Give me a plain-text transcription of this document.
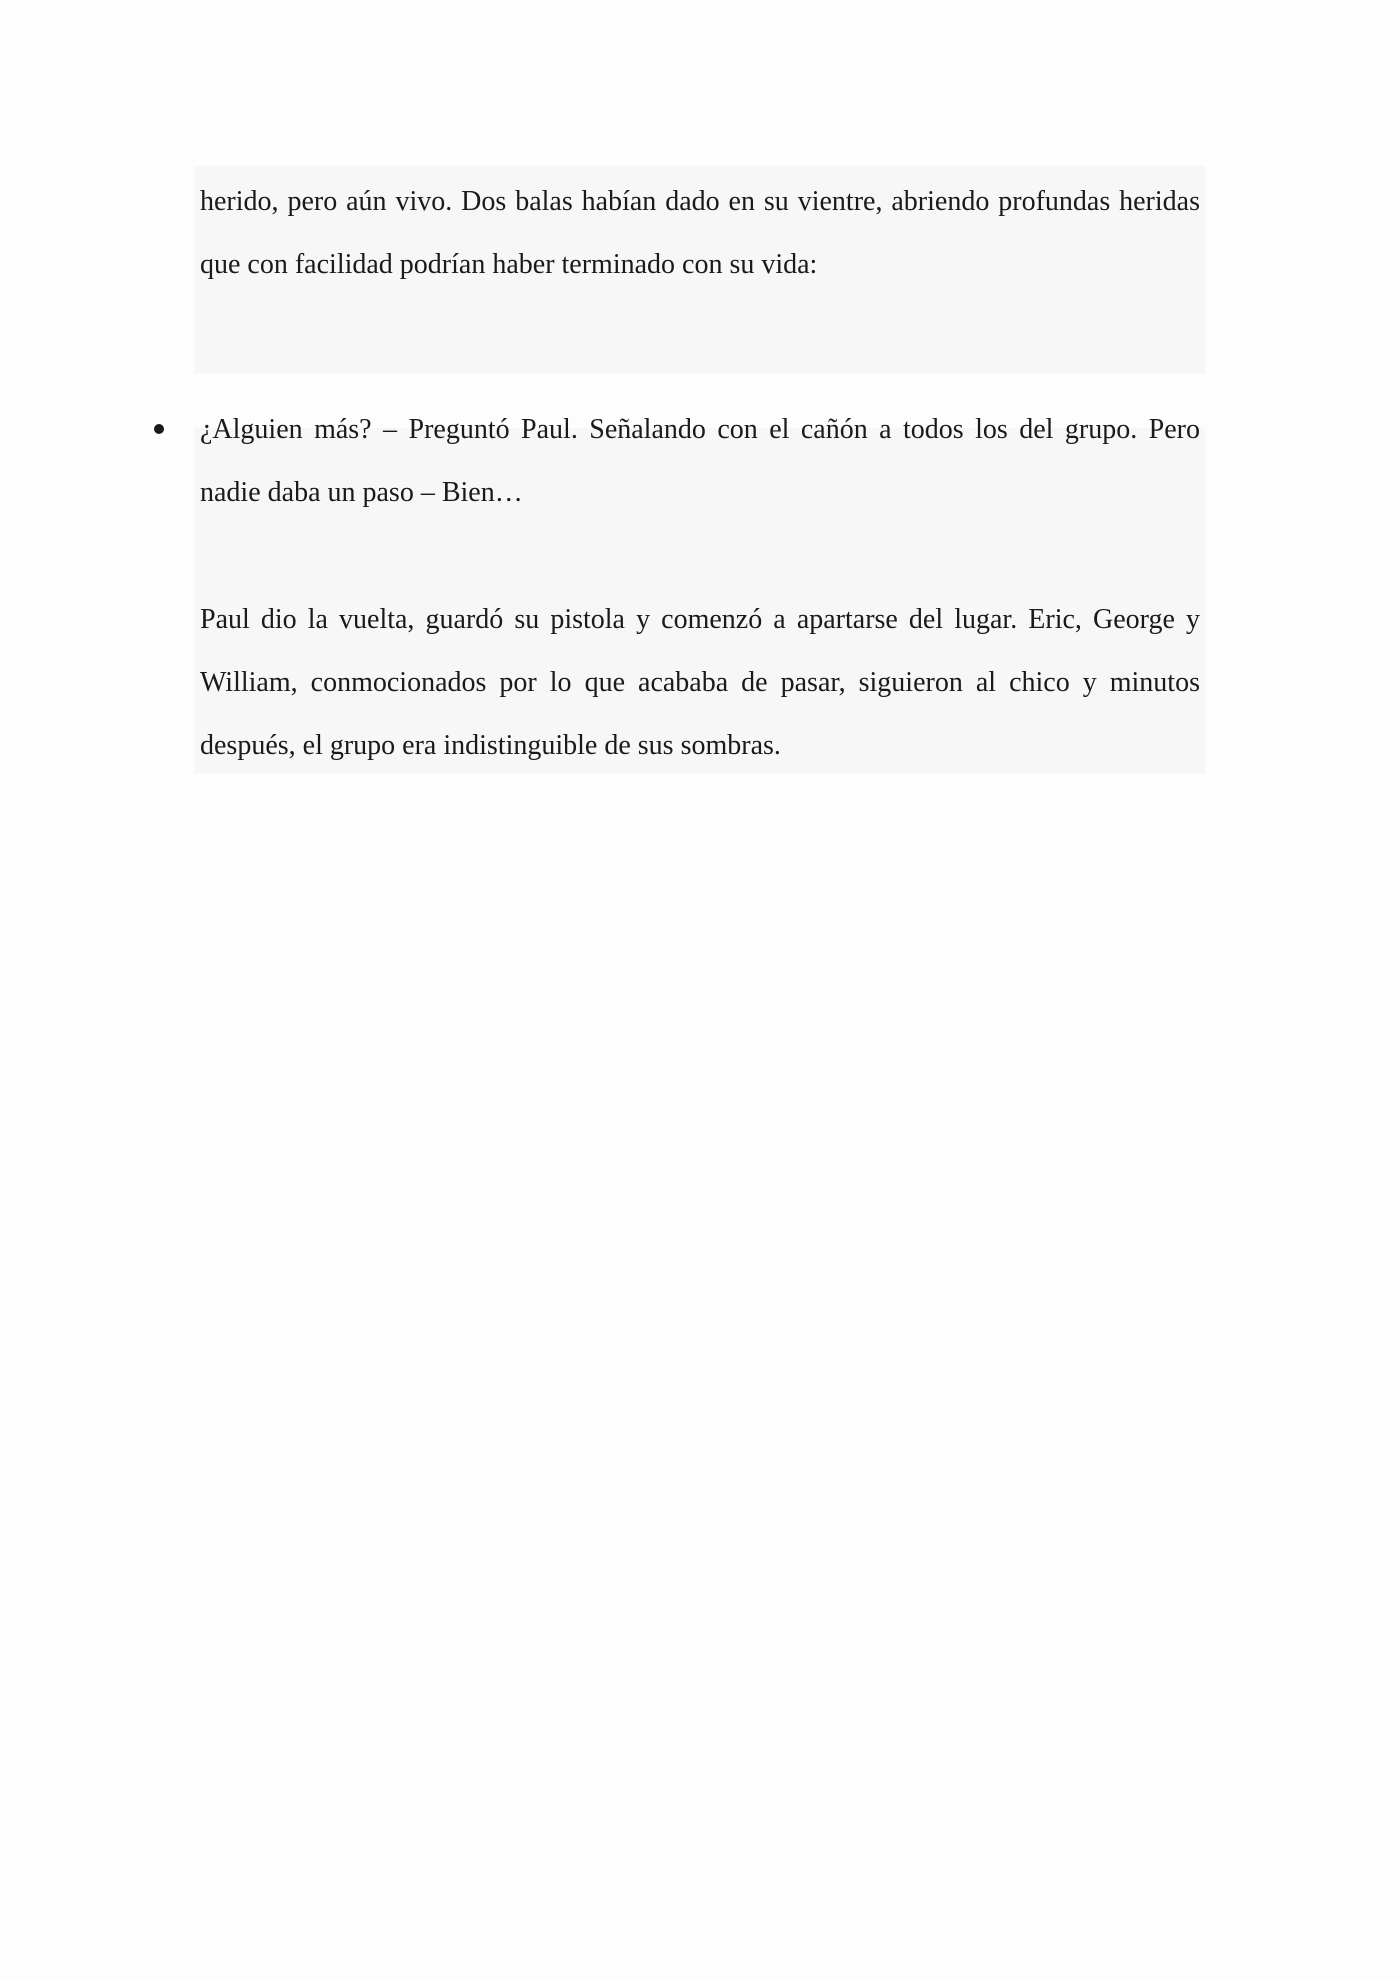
herido, pero aún vivo. Dos balas habían dado en su vientre, abriendo profundas heridas que con facilidad podrían haber terminado con su vida:

¿Alguien más? – Preguntó Paul. Señalando con el cañón a todos los del grupo. Pero nadie daba un paso – Bien…

Paul dio la vuelta, guardó su pistola y comenzó a apartarse del lugar. Eric, George y William, conmocionados por lo que acababa de pasar, siguieron al chico y minutos después, el grupo era indistinguible de sus sombras.
